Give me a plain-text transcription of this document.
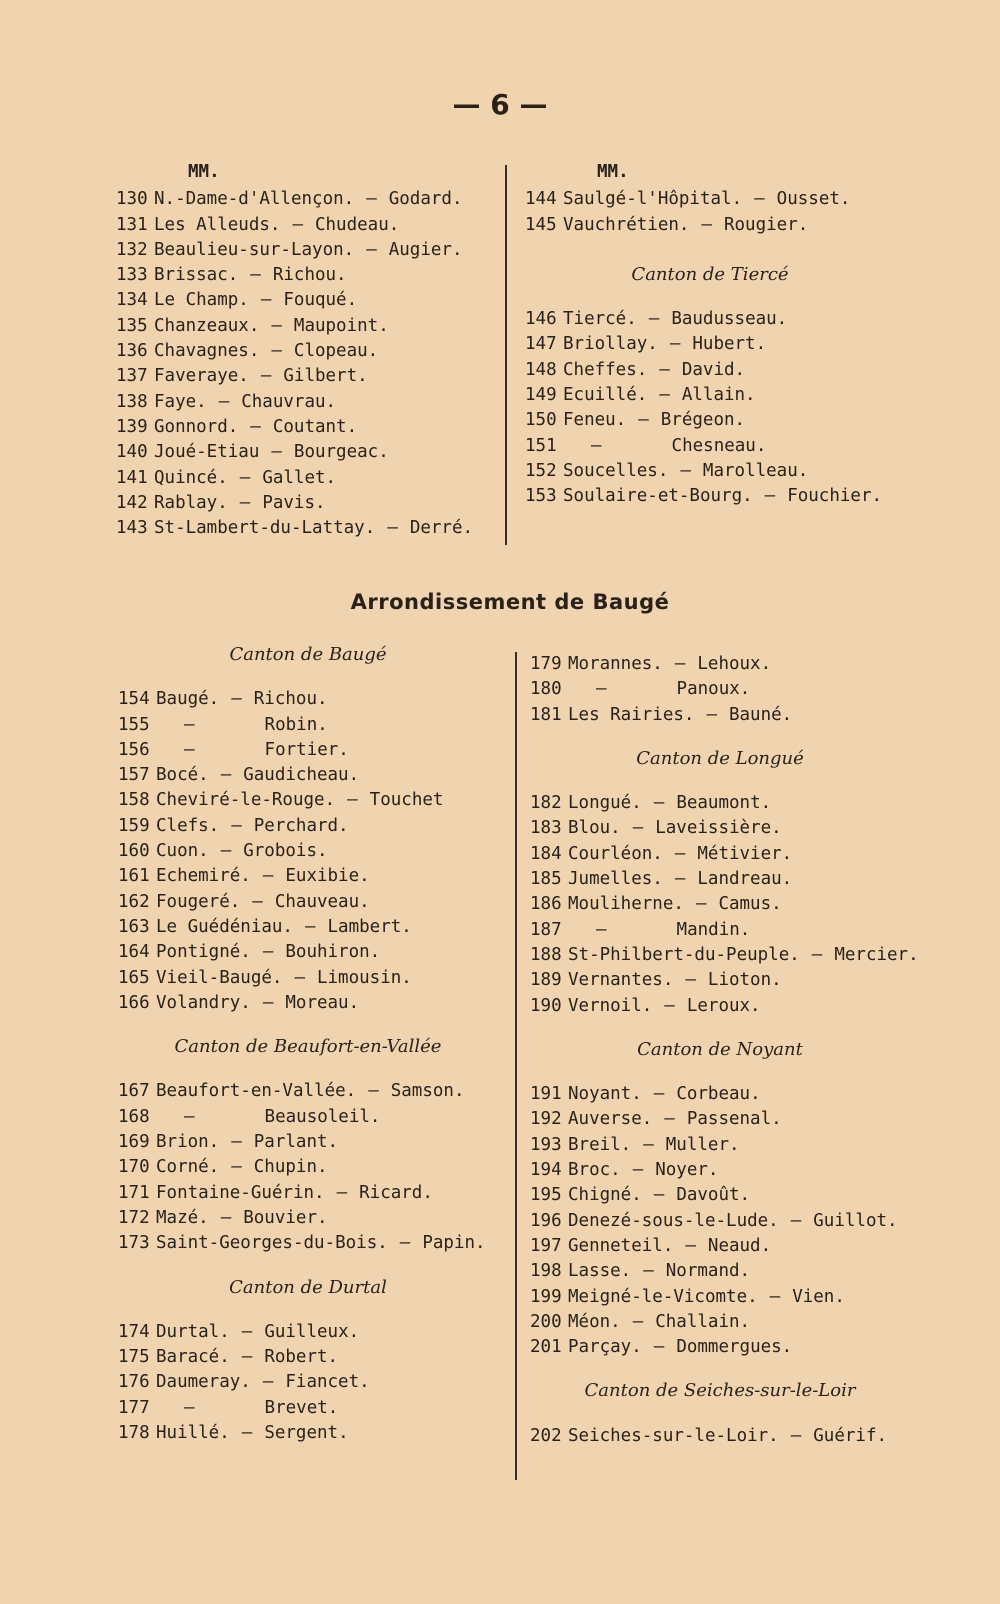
— 6 —
MM.
130 N.-Dame-d'Allençon. — Godard.
131 Les Alleuds. — Chudeau.
132 Beaulieu-sur-Layon. — Augier.
133 Brissac. — Richou.
134 Le Champ. — Fouqué.
135 Chanzeaux. — Maupoint.
136 Chavagnes. — Clopeau.
137 Faveraye. — Gilbert.
138 Faye. — Chauvrau.
139 Gonnord. — Coutant.
140 Joué-Etiau — Bourgeac.
141 Quincé. — Gallet.
142 Rablay. — Pavis.
143 St-Lambert-du-Lattay. — Derré.
MM.
144 Saulgé-l'Hôpital. — Ousset.
145 Vauchrétien. — Rougier.
Canton de Tiercé
146 Tiercé. — Baudusseau.
147 Briollay. — Hubert.
148 Cheffes. — David.
149 Ecuillé. — Allain.
150 Feneu. — Brégeon.
151	—	Chesneau.
152 Soucelles. — Marolleau.
153 Soulaire-et-Bourg. — Fouchier.
Arrondissement de Baugé
Canton de Baugé
154 Baugé. — Richou.
155	—	Robin.
156	—	Fortier.
157 Bocé. — Gaudicheau.
158 Cheviré-le-Rouge. — Touchet
159 Clefs. — Perchard.
160 Cuon. — Grobois.
161 Echemiré. — Euxibie.
162 Fougeré. — Chauveau.
163 Le Guédéniau. — Lambert.
164 Pontigné. — Bouhiron.
165 Vieil-Baugé. — Limousin.
166 Volandry. — Moreau.
Canton de Beaufort-en-Vallée
167 Beaufort-en-Vallée. — Samson.
168	—	Beausoleil.
169 Brion. — Parlant.
170 Corné. — Chupin.
171 Fontaine-Guérin. — Ricard.
172 Mazé. — Bouvier.
173 Saint-Georges-du-Bois. — Papin.
Canton de Durtal
174 Durtal. — Guilleux.
175 Baracé. — Robert.
176 Daumeray. — Fiancet.
177	—	Brevet.
178 Huillé. — Sergent.
179 Morannes. — Lehoux.
180	—	Panoux.
181 Les Rairies. — Bauné.
Canton de Longué
182 Longué. — Beaumont.
183 Blou. — Laveissière.
184 Courléon. — Métivier.
185 Jumelles. — Landreau.
186 Mouliherne. — Camus.
187	—	Mandin.
188 St-Philbert-du-Peuple. — Mercier.
189 Vernantes. — Lioton.
190 Vernoil. — Leroux.
Canton de Noyant
191 Noyant. — Corbeau.
192 Auverse. — Passenal.
193 Breil. — Muller.
194 Broc. — Noyer.
195 Chigné. — Davoût.
196 Denezé-sous-le-Lude. — Guillot.
197 Genneteil. — Neaud.
198 Lasse. — Normand.
199 Meigné-le-Vicomte. — Vien.
200 Méon. — Challain.
201 Parçay. — Dommergues.
Canton de Seiches-sur-le-Loir
202 Seiches-sur-le-Loir. — Guérif.
